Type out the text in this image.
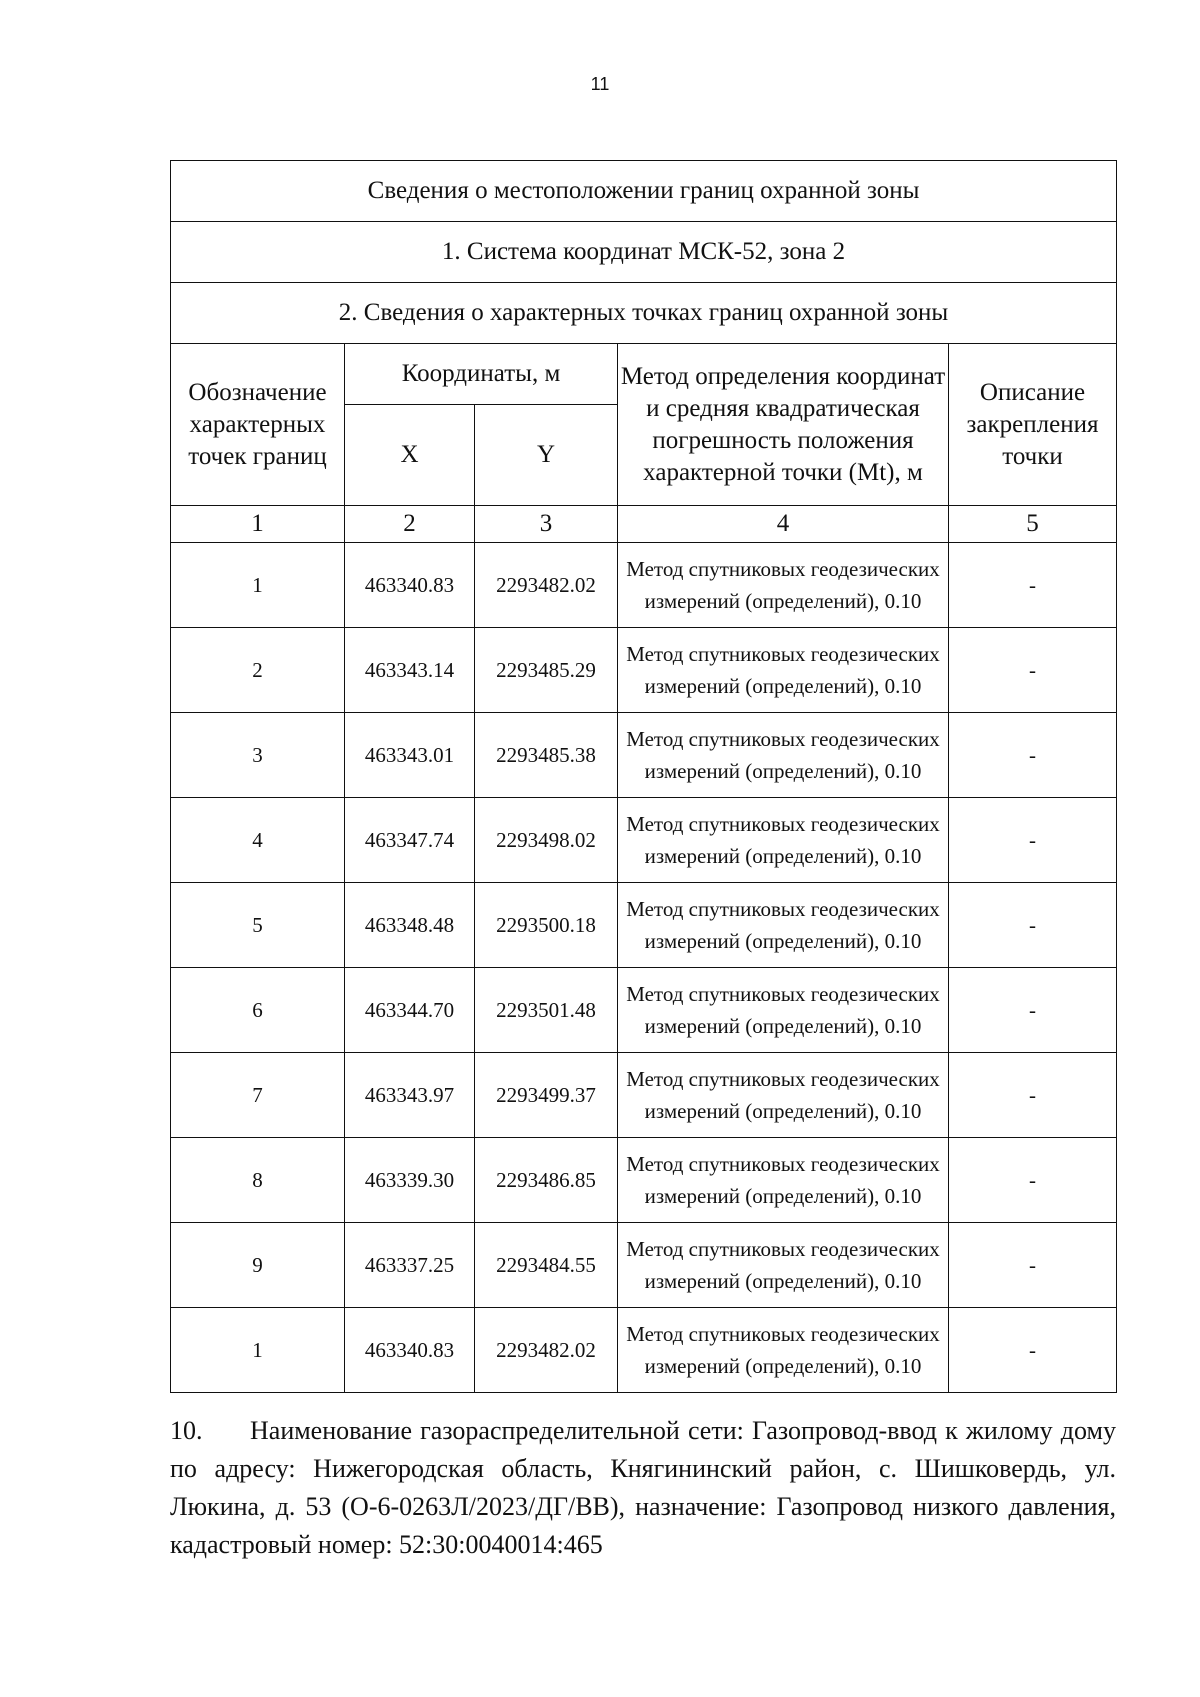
11
Сведения о местоположении границ охранной зоны				
1. Система координат МСК-52, зона 2				
2. Сведения о характерных точках границ охранной зоны				
Обозначение характерных точек границ	Координаты, м		Метод определения координат и средняя квадратическая погрешность положения характерной точки (Mt), м	Описание закрепления точки
	X	Y		
1	2	3	4	5
1	463340.83	2293482.02	Метод спутниковых геодезических измерений (определений), 0.10	-
2	463343.14	2293485.29	Метод спутниковых геодезических измерений (определений), 0.10	-
3	463343.01	2293485.38	Метод спутниковых геодезических измерений (определений), 0.10	-
4	463347.74	2293498.02	Метод спутниковых геодезических измерений (определений), 0.10	-
5	463348.48	2293500.18	Метод спутниковых геодезических измерений (определений), 0.10	-
6	463344.70	2293501.48	Метод спутниковых геодезических измерений (определений), 0.10	-
7	463343.97	2293499.37	Метод спутниковых геодезических измерений (определений), 0.10	-
8	463339.30	2293486.85	Метод спутниковых геодезических измерений (определений), 0.10	-
9	463337.25	2293484.55	Метод спутниковых геодезических измерений (определений), 0.10	-
1	463340.83	2293482.02	Метод спутниковых геодезических измерений (определений), 0.10	-
10. Наименование газораспределительной сети: Газопровод-ввод к жилому дому по адресу: Нижегородская область, Княгининский район, с. Шишковердь, ул. Люкина, д. 53 (О-6-0263Л/2023/ДГ/ВВ), назначение: Газопровод низкого давления, кадастровый номер: 52:30:0040014:465
